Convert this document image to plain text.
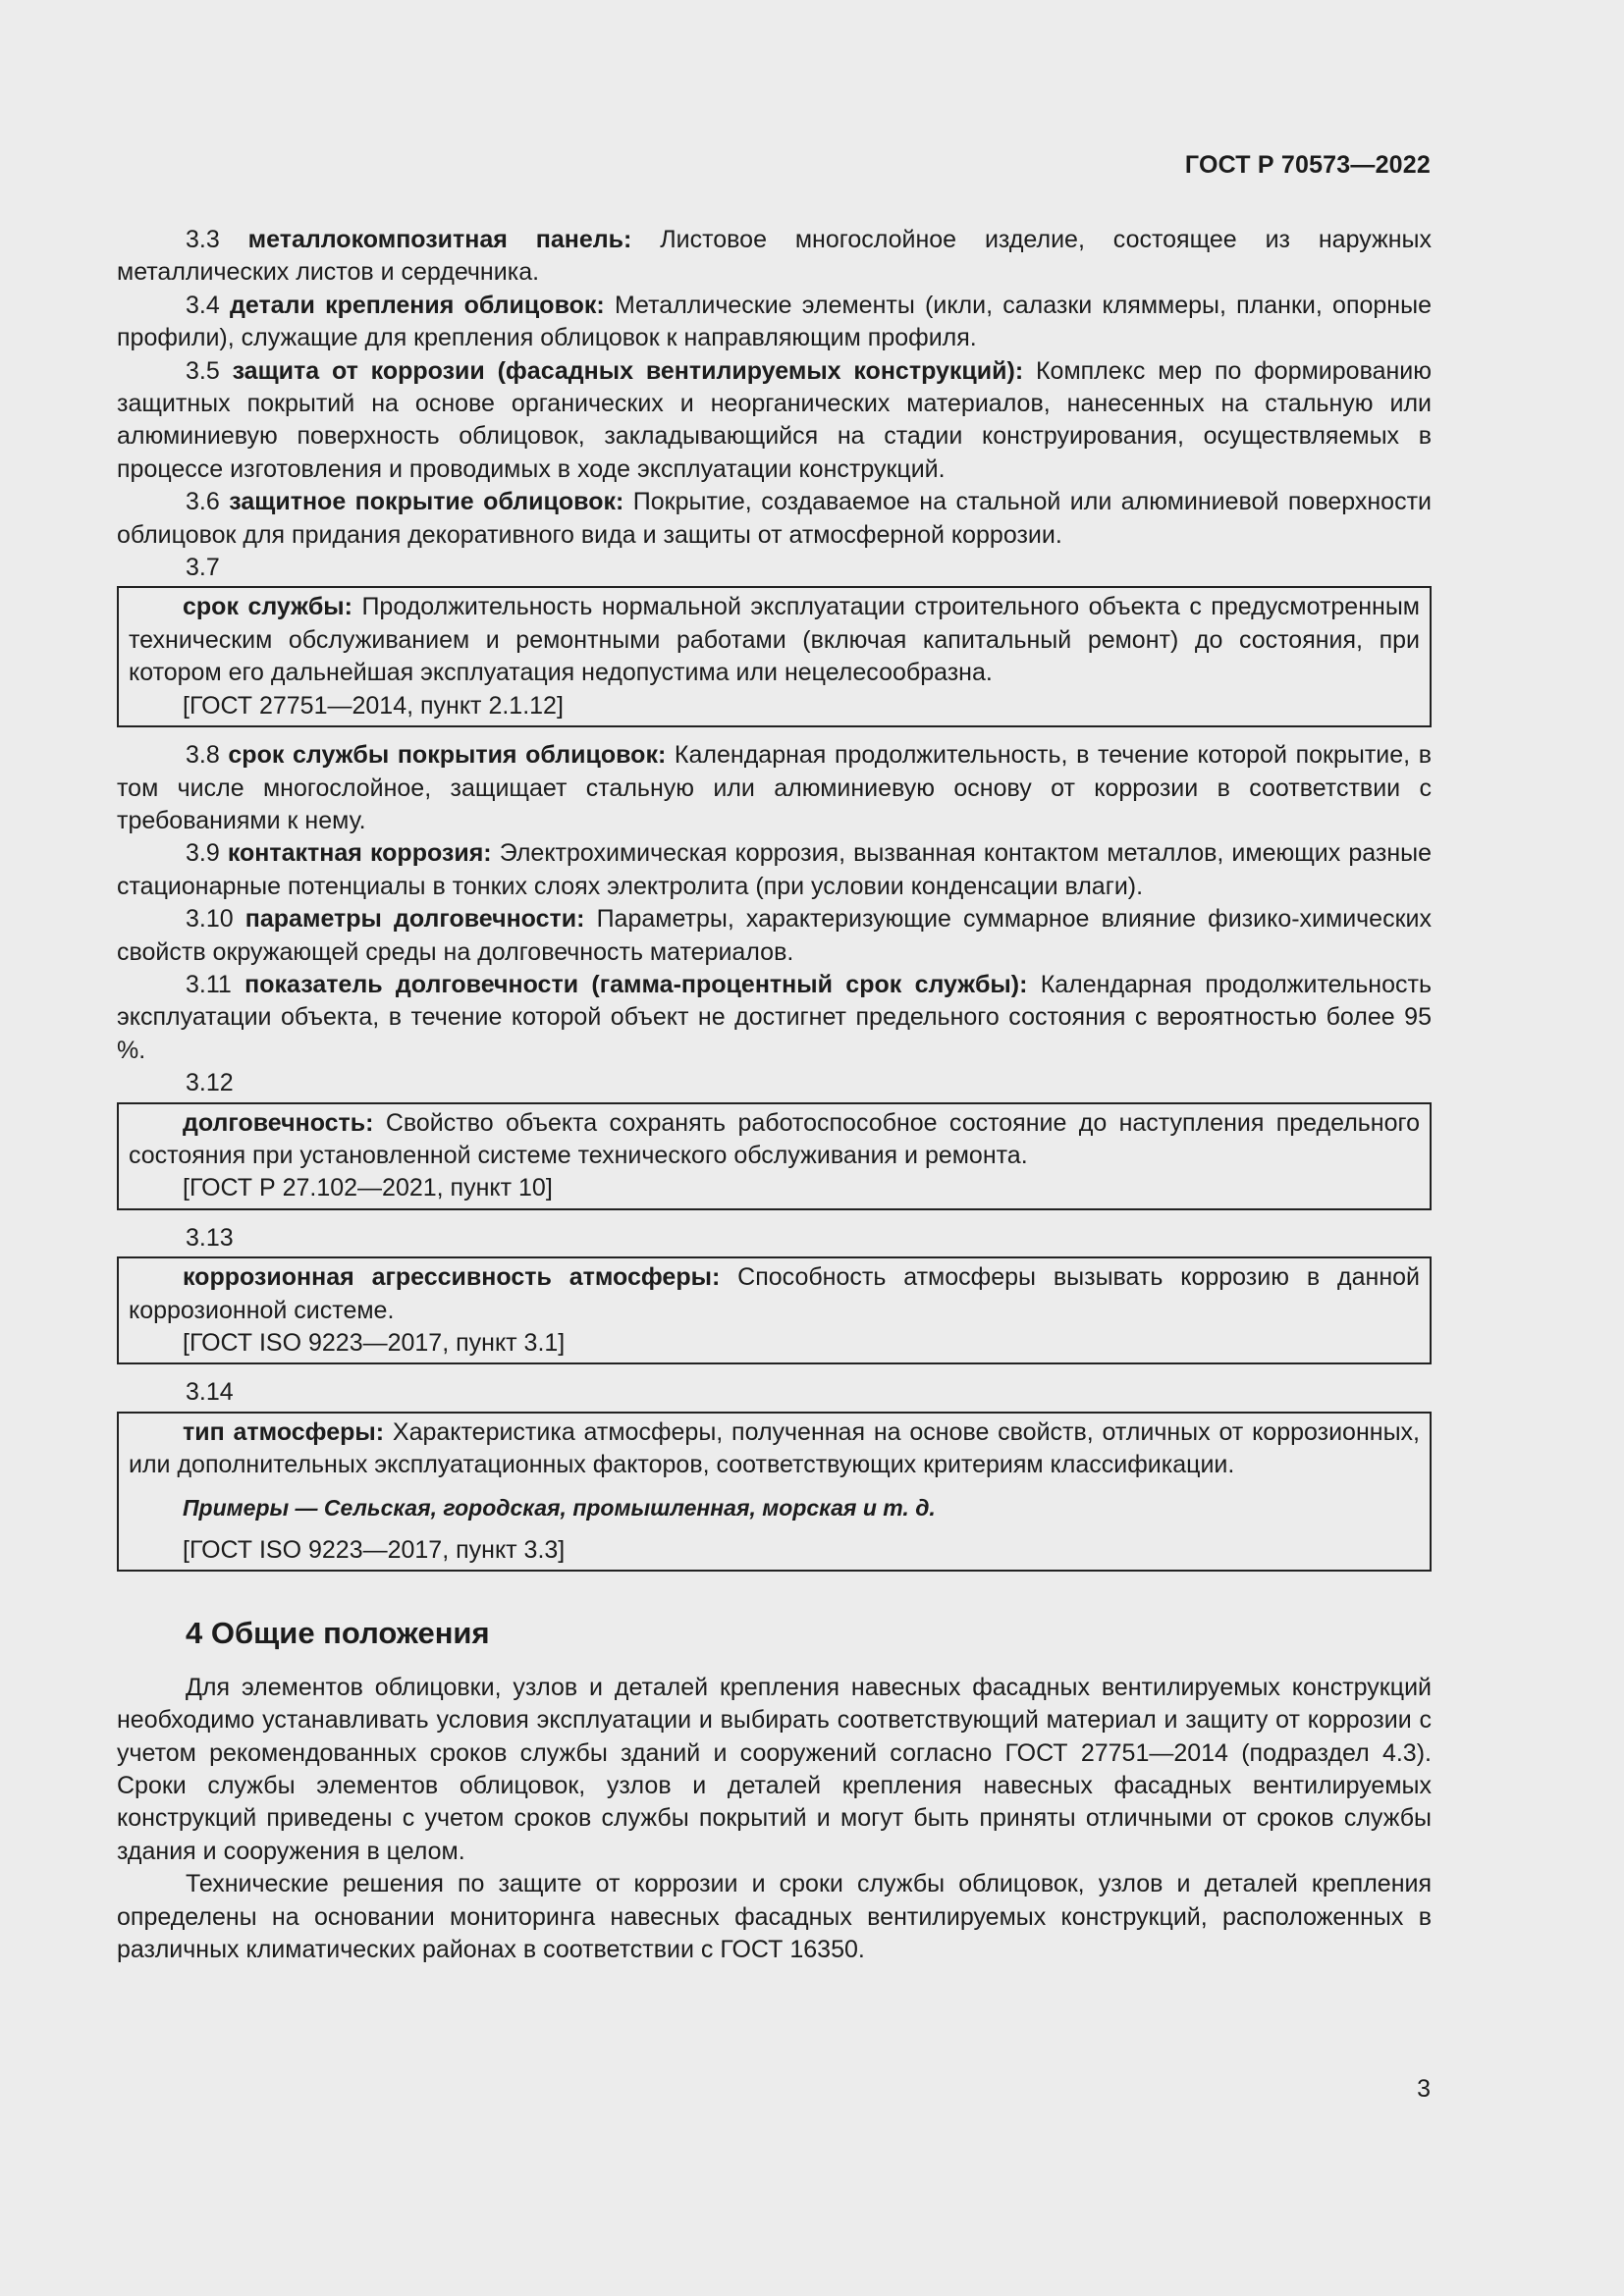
ГОСТ Р 70573—2022

3.3 металлокомпозитная панель: Листовое многослойное изделие, состоящее из наружных металлических листов и сердечника.

3.4 детали крепления облицовок: Металлические элементы (икли, салазки кляммеры, планки, опорные профили), служащие для крепления облицовок к направляющим профиля.

3.5 защита от коррозии (фасадных вентилируемых конструкций): Комплекс мер по формированию защитных покрытий на основе органических и неорганических материалов, нанесенных на стальную или алюминиевую поверхность облицовок, закладывающийся на стадии конструирования, осуществляемых в процессе изготовления и проводимых в ходе эксплуатации конструкций.

3.6 защитное покрытие облицовок: Покрытие, создаваемое на стальной или алюминиевой поверхности облицовок для придания декоративного вида и защиты от атмосферной коррозии.

3.7

срок службы: Продолжительность нормальной эксплуатации строительного объекта с предусмотренным техническим обслуживанием и ремонтными работами (включая капитальный ремонт) до состояния, при котором его дальнейшая эксплуатация недопустима или нецелесообразна.

[ГОСТ 27751—2014, пункт 2.1.12]

3.8 срок службы покрытия облицовок: Календарная продолжительность, в течение которой покрытие, в том числе многослойное, защищает стальную или алюминиевую основу от коррозии в соответствии с требованиями к нему.

3.9 контактная коррозия: Электрохимическая коррозия, вызванная контактом металлов, имеющих разные стационарные потенциалы в тонких слоях электролита (при условии конденсации влаги).

3.10 параметры долговечности: Параметры, характеризующие суммарное влияние физико-химических свойств окружающей среды на долговечность материалов.

3.11 показатель долговечности (гамма-процентный срок службы): Календарная продолжительность эксплуатации объекта, в течение которой объект не достигнет предельного состояния с вероятностью более 95 %.

3.12

долговечность: Свойство объекта сохранять работоспособное состояние до наступления предельного состояния при установленной системе технического обслуживания и ремонта.

[ГОСТ Р 27.102—2021, пункт 10]

3.13

коррозионная агрессивность атмосферы: Способность атмосферы вызывать коррозию в данной коррозионной системе.

[ГОСТ ISO 9223—2017, пункт 3.1]

3.14

тип атмосферы: Характеристика атмосферы, полученная на основе свойств, отличных от коррозионных, или дополнительных эксплуатационных факторов, соответствующих критериям классификации.

Примеры — Сельская, городская, промышленная, морская и т. д.

[ГОСТ ISO 9223—2017, пункт 3.3]

4 Общие положения

Для элементов облицовки, узлов и деталей крепления навесных фасадных вентилируемых конструкций необходимо устанавливать условия эксплуатации и выбирать соответствующий материал и защиту от коррозии с учетом рекомендованных сроков службы зданий и сооружений согласно ГОСТ 27751—2014 (подраздел 4.3). Сроки службы элементов облицовок, узлов и деталей крепления навесных фасадных вентилируемых конструкций приведены с учетом сроков службы покрытий и могут быть приняты отличными от сроков службы здания и сооружения в целом.

Технические решения по защите от коррозии и сроки службы облицовок, узлов и деталей крепления определены на основании мониторинга навесных фасадных вентилируемых конструкций, расположенных в различных климатических районах в соответствии с ГОСТ 16350.

3
